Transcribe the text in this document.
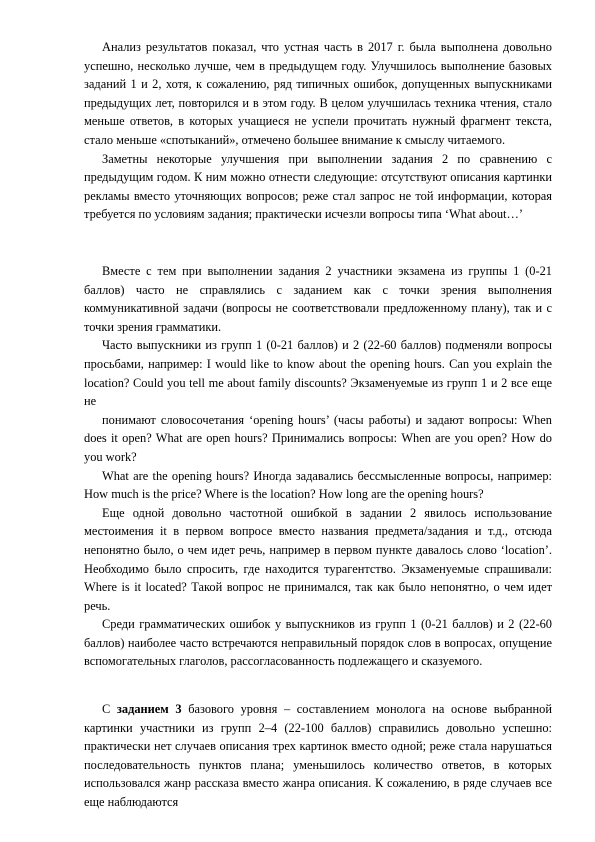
Анализ результатов показал, что устная часть в 2017 г. была выполнена довольно успешно, несколько лучше, чем в предыдущем году. Улучшилось выполнение базовых заданий 1 и 2, хотя, к сожалению, ряд типичных ошибок, допущенных выпускниками предыдущих лет, повторился и в этом году. В целом улучшилась техника чтения, стало меньше ответов, в которых учащиеся не успели прочитать нужный фрагмент текста, стало меньше «спотыканий», отмечено большее внимание к смыслу читаемого.

Заметны некоторые улучшения при выполнении задания 2 по сравнению с предыдущим годом. К ним можно отнести следующие: отсутствуют описания картинки рекламы вместо уточняющих вопросов; реже стал запрос не той информации, которая требуется по условиям задания; практически исчезли вопросы типа ‘What about…’

Вместе с тем при выполнении задания 2 участники экзамена из группы 1 (0-21 баллов) часто не справлялись с заданием как с точки зрения выполнения коммуникативной задачи (вопросы не соответствовали предложенному плану), так и с точки зрения грамматики.

Часто выпускники из групп 1 (0-21 баллов) и 2 (22-60 баллов) подменяли вопросы просьбами, например: I would like to know about the opening hours. Can you explain the location? Could you tell me about family discounts? Экзаменуемые из групп 1 и 2 все еще не

понимают словосочетания ‘opening hours’ (часы работы) и задают вопросы: When does it open? What are open hours? Принимались вопросы: When are you open? How do you work?

What are the opening hours? Иногда задавались бессмысленные вопросы, например: How much is the price? Where is the location? How long are the opening hours?

Еще одной довольно частотной ошибкой в задании 2 явилось использование местоимения it в первом вопросе вместо названия предмета/задания и т.д., отсюда непонятно было, о чем идет речь, например в первом пункте давалось слово ‘location’. Необходимо было спросить, где находится турагентство. Экзаменуемые спрашивали: Where is it located? Такой вопрос не принимался, так как было непонятно, о чем идет речь.

Среди грамматических ошибок у выпускников из групп 1 (0-21 баллов) и 2 (22-60 баллов) наиболее часто встречаются неправильный порядок слов в вопросах, опущение вспомогательных глаголов, рассогласованность подлежащего и сказуемого.

С заданием 3 базового уровня – составлением монолога на основе выбранной картинки участники из групп 2–4 (22-100 баллов) справились довольно успешно: практически нет случаев описания трех картинок вместо одной; реже стала нарушаться последовательность пунктов плана; уменьшилось количество ответов, в которых использовался жанр рассказа вместо жанра описания. К сожалению, в ряде случаев все еще наблюдаются
